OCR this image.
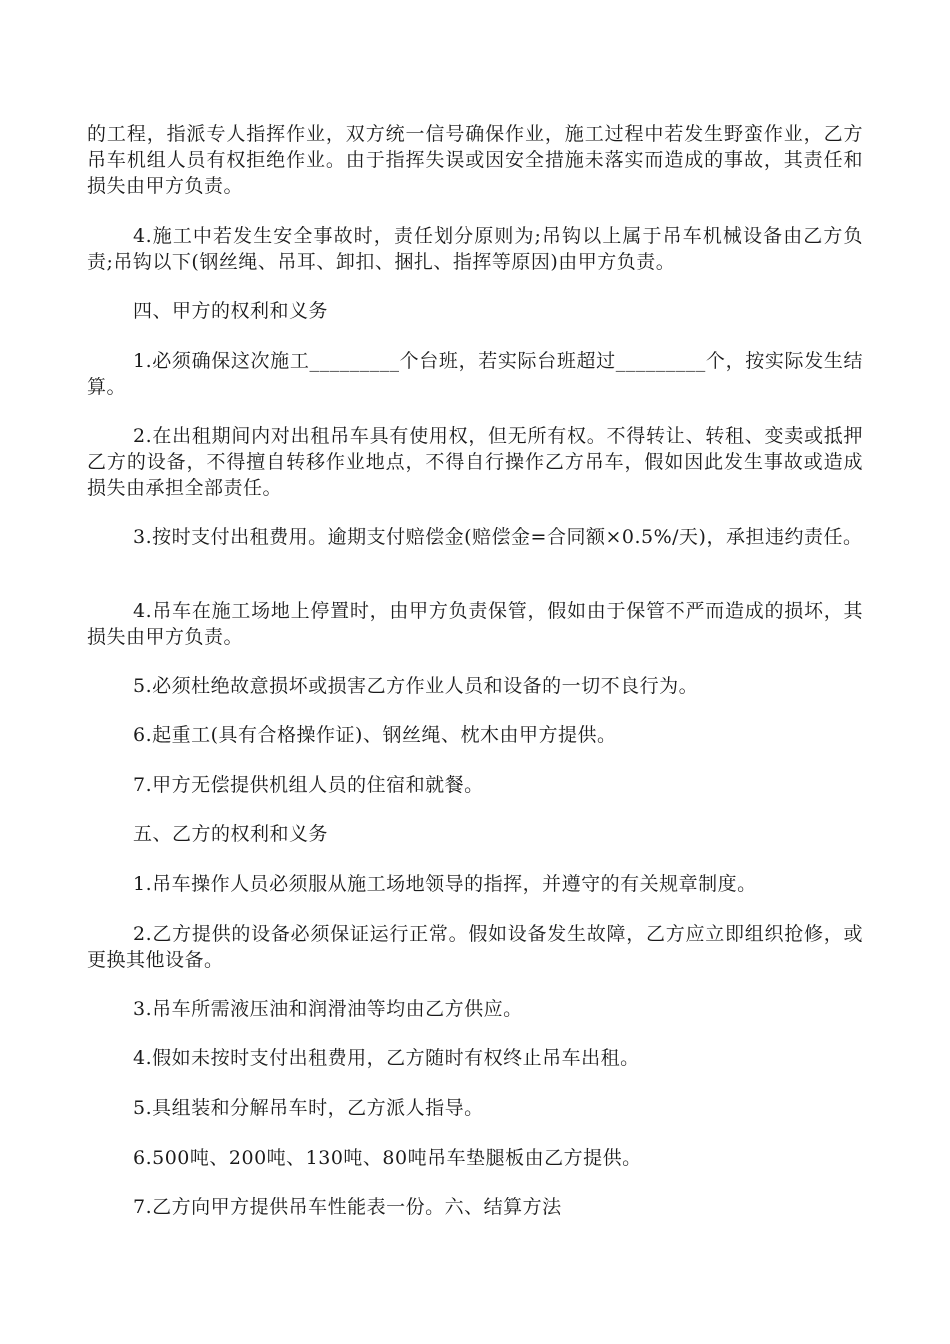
的工程，指派专人指挥作业，双方统一信号确保作业，施工过程中若发生野蛮作业，乙方吊车机组人员有权拒绝作业。由于指挥失误或因安全措施未落实而造成的事故，其责任和损失由甲方负责。

4.施工中若发生安全事故时，责任划分原则为;吊钩以上属于吊车机械设备由乙方负责;吊钩以下(钢丝绳、吊耳、卸扣、捆扎、指挥等原因)由甲方负责。

四、甲方的权利和义务

1.必须确保这次施工_________个台班，若实际台班超过_________个，按实际发生结算。

2.在出租期间内对出租吊车具有使用权，但无所有权。不得转让、转租、变卖或抵押乙方的设备，不得擅自转移作业地点，不得自行操作乙方吊车，假如因此发生事故或造成损失由承担全部责任。

3.按时支付出租费用。逾期支付赔偿金(赔偿金=合同额×0.5%/天)，承担违约责任。

4.吊车在施工场地上停置时，由甲方负责保管，假如由于保管不严而造成的损坏，其损失由甲方负责。

5.必须杜绝故意损坏或损害乙方作业人员和设备的一切不良行为。

6.起重工(具有合格操作证)、钢丝绳、枕木由甲方提供。

7.甲方无偿提供机组人员的住宿和就餐。

五、乙方的权利和义务

1.吊车操作人员必须服从施工场地领导的指挥，并遵守的有关规章制度。

2.乙方提供的设备必须保证运行正常。假如设备发生故障，乙方应立即组织抢修，或更换其他设备。

3.吊车所需液压油和润滑油等均由乙方供应。

4.假如未按时支付出租费用，乙方随时有权终止吊车出租。

5.具组装和分解吊车时，乙方派人指导。

6.500吨、200吨、130吨、80吨吊车垫腿板由乙方提供。

7.乙方向甲方提供吊车性能表一份。六、结算方法
